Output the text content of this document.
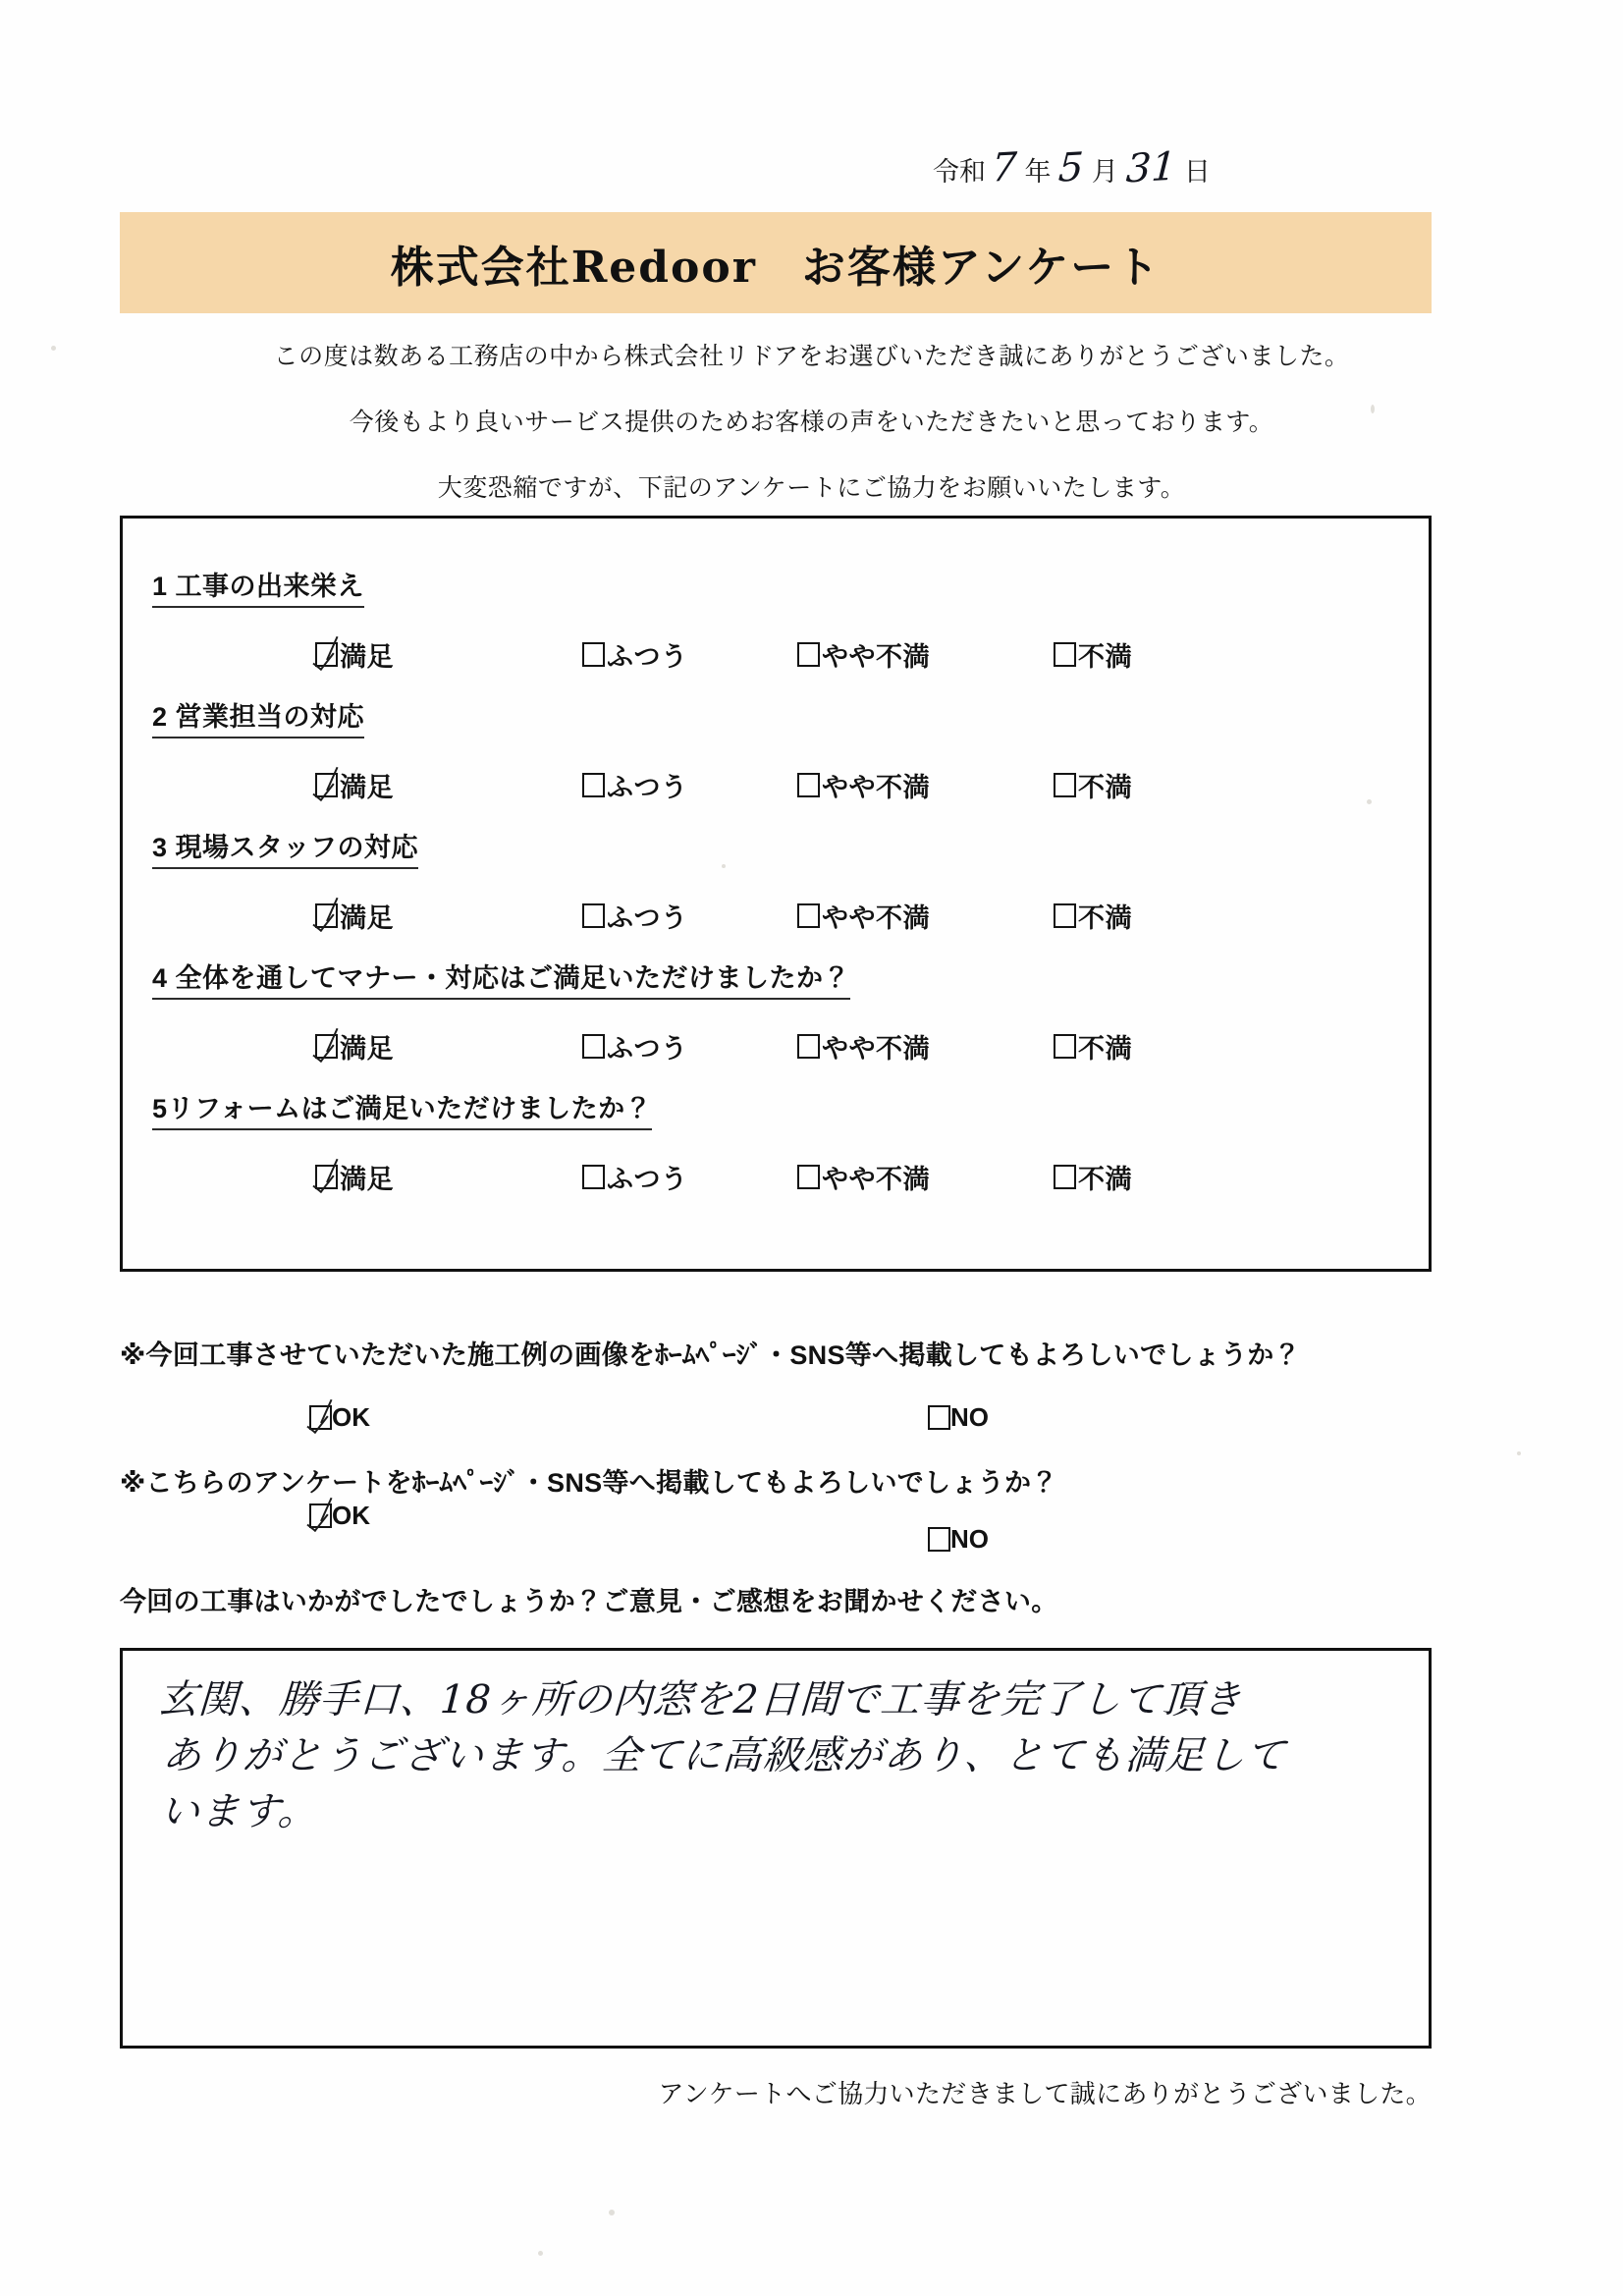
令和 7 年 5 月 31 日
株式会社Redoor　お客様アンケート
この度は数ある工務店の中から株式会社リドアをお選びいただき誠にありがとうございました。
今後もより良いサービス提供のためお客様の声をいただきたいと思っております。
大変恐縮ですが、下記のアンケートにご協力をお願いいたします。
1 工事の出来栄え
満足	ふつう	やや不満	不満
2 営業担当の対応
満足	ふつう	やや不満	不満
3 現場スタッフの対応
満足	ふつう	やや不満	不満
4 全体を通してマナー・対応はご満足いただけましたか？
満足	ふつう	やや不満	不満
5リフォームはご満足いただけましたか？
満足	ふつう	やや不満	不満
※今回工事させていただいた施工例の画像をﾎｰﾑﾍﾟｰｼﾞ・SNS等へ掲載してもよろしいでしょうか？
OK	NO
※こちらのアンケートをﾎｰﾑﾍﾟｰｼﾞ・SNS等へ掲載してもよろしいでしょうか？
OK
NO
今回の工事はいかがでしたでしょうか？ご意見・ご感想をお聞かせください。
玄関、勝手口、18ヶ所の内窓を2日間で工事を完了して頂き
ありがとうございます。全てに高級感があり、とても満足して
います。
アンケートへご協力いただきまして誠にありがとうございました。
